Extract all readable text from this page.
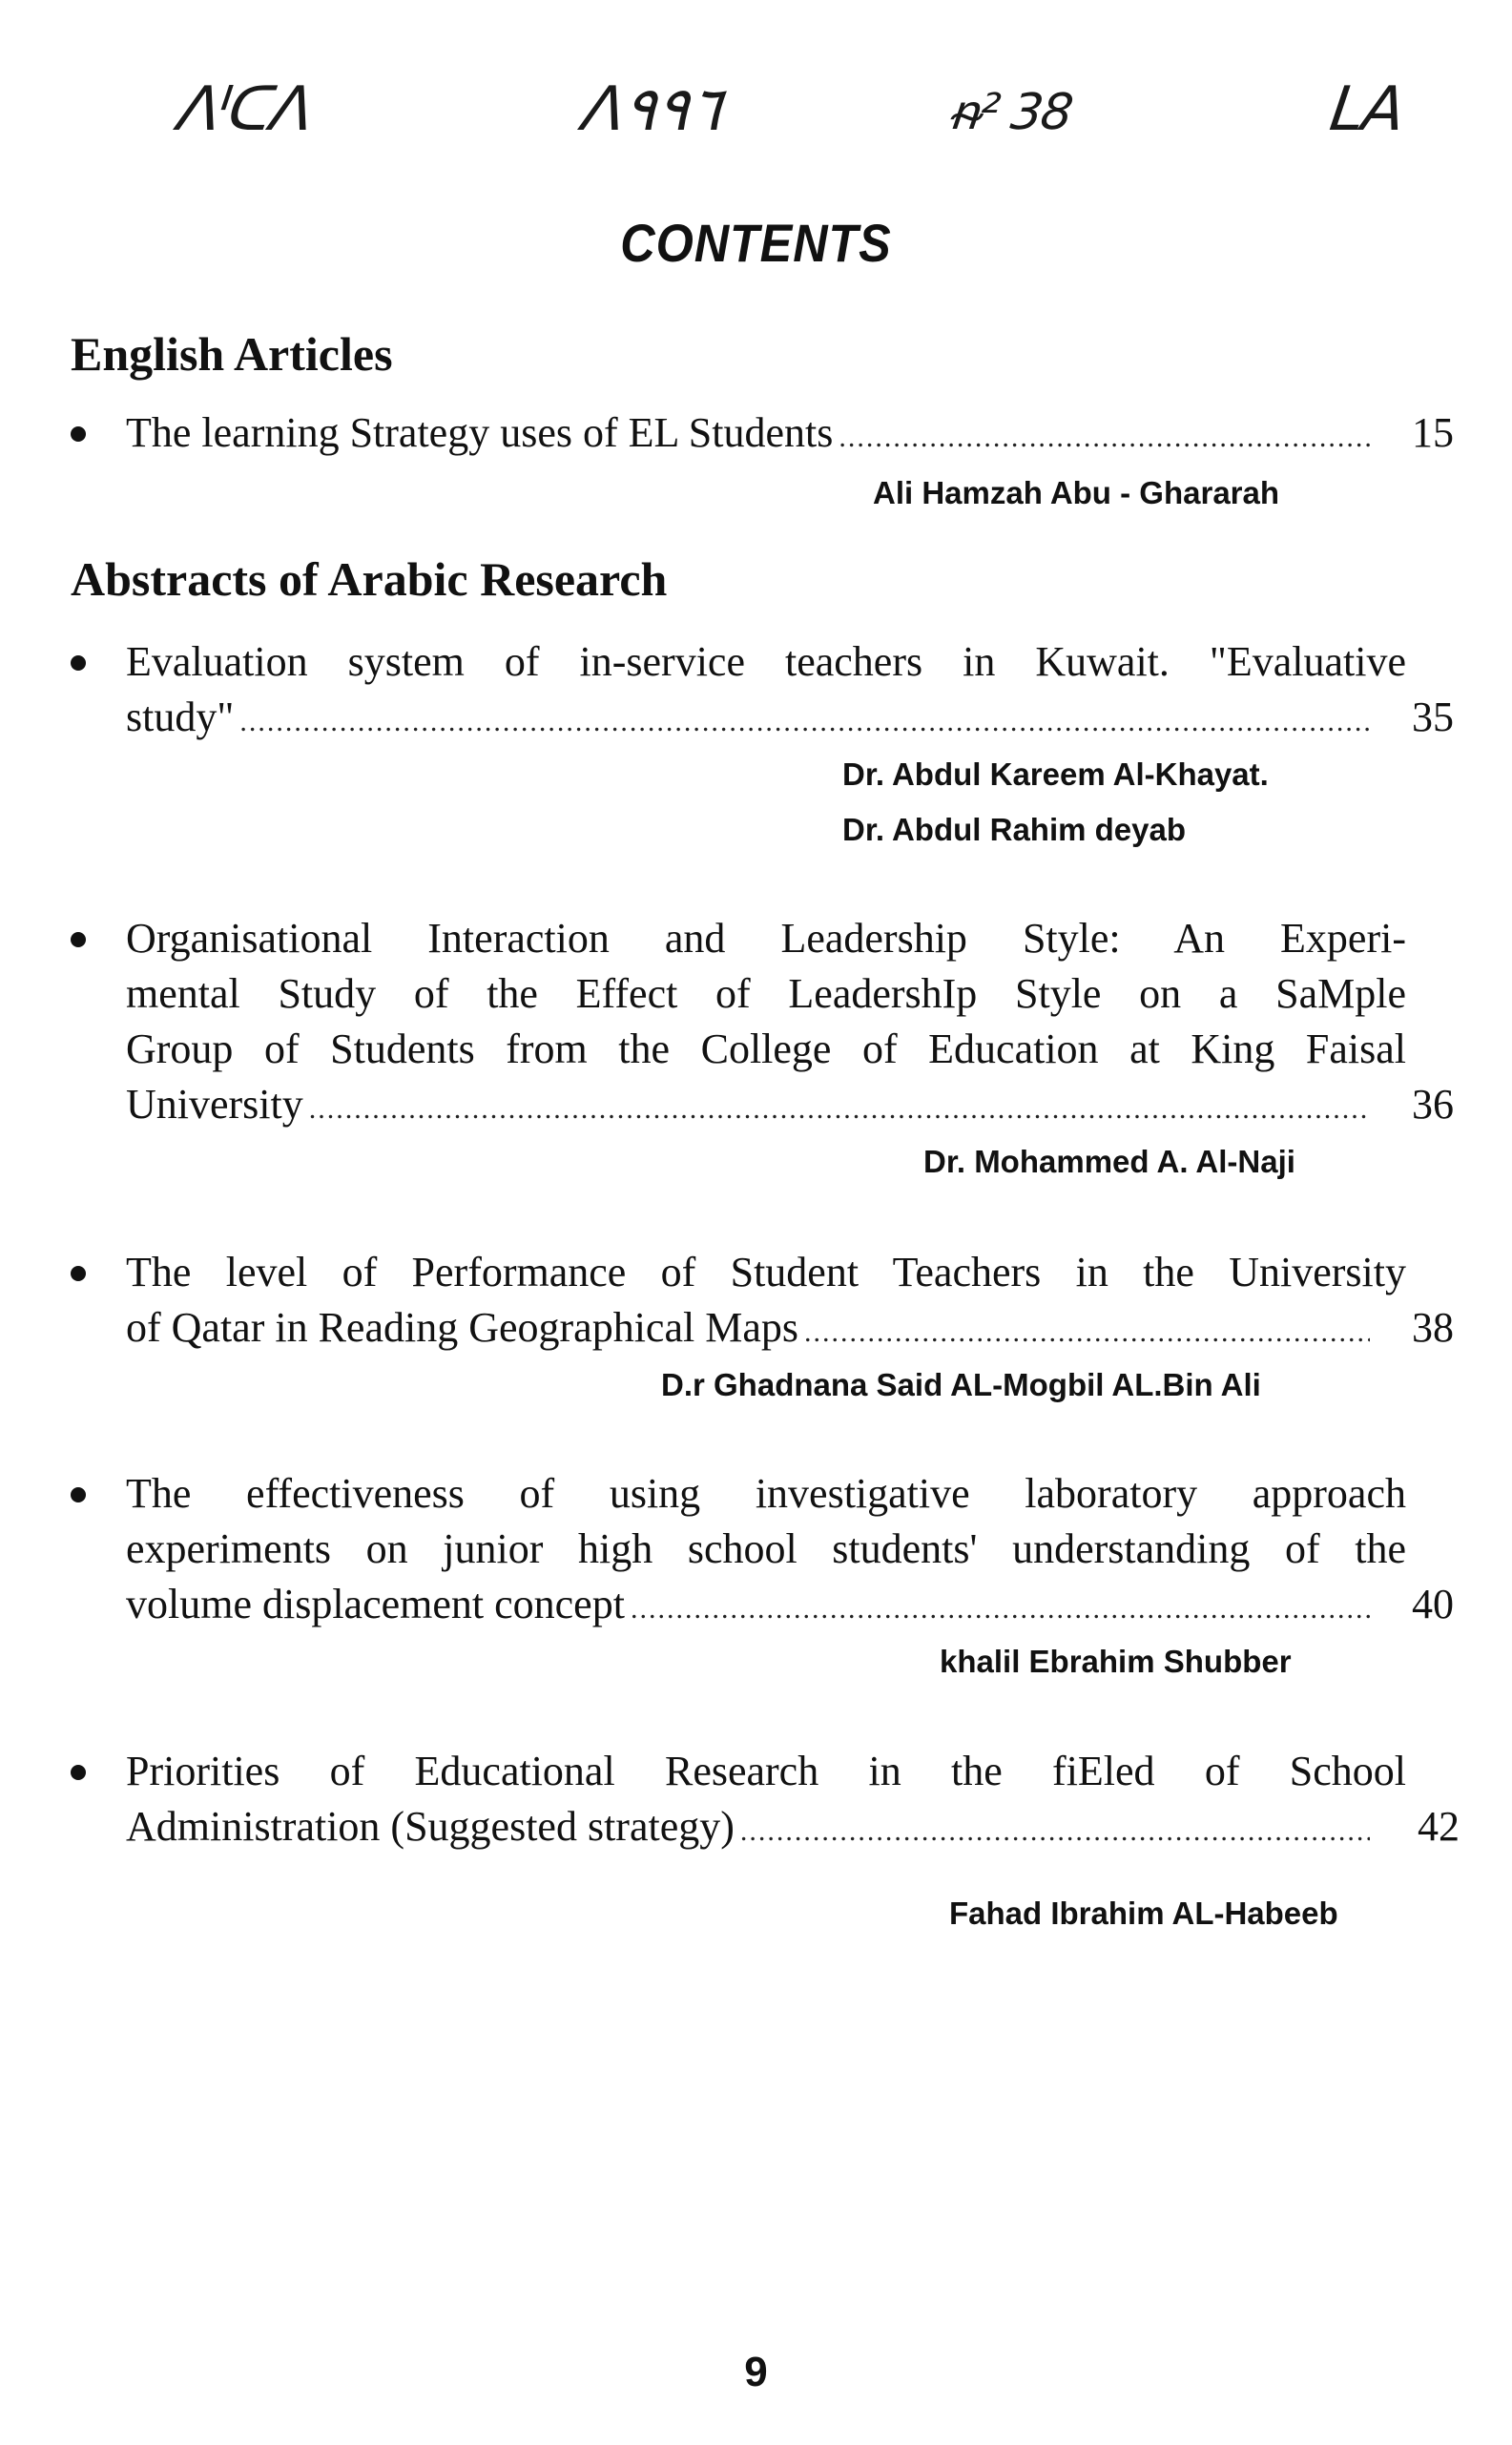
ᐱᑊᑕᐱ	ᐱ٩٩٦	ᵰ² 38	LA
CONTENTS
English Articles
Abstracts of Arabic Research
The learning Strategy uses of EL Students .....	15
Ali Hamzah Abu - Ghararah
Evaluation system of in-service teachers in Kuwait. "Evaluative
study" .....	35
Dr. Abdul Kareem Al-Khayat.
Dr. Abdul Rahim deyab
Organisational Interaction and Leadership Style: An Experi-
mental Study of the Effect of LeadershIp Style on a SaMple
Group of Students from the College of Education at King Faisal
University .....	36
Dr. Mohammed A. Al-Naji
The level of Performance of Student Teachers in the University
of Qatar in Reading Geographical Maps .....	38
D.r Ghadnana Said AL-Mogbil AL.Bin Ali
The effectiveness of using investigative laboratory approach
experiments on junior high school students' understanding of the
volume displacement concept .....	40
khalil Ebrahim Shubber
Priorities of Educational Research in the fiEled of School
Administration (Suggested strategy) .....	42
Fahad Ibrahim AL-Habeeb
9
